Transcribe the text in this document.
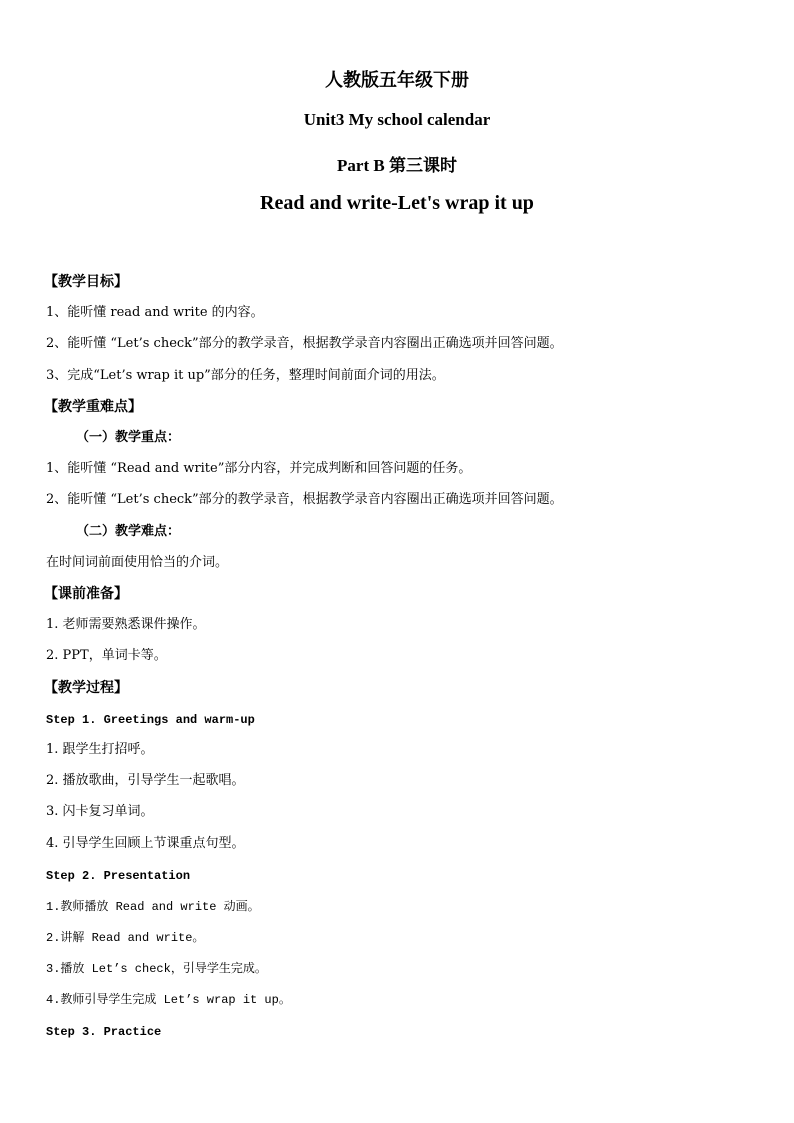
人教版五年级下册
Unit3 My school calendar
Part B 第三课时
Read and write-Let's wrap it up
【教学目标】
1、能听懂 read and write 的内容。
2、能听懂 “Let’s check”部分的教学录音，根据教学录音内容圈出正确选项并回答问题。
3、完成“Let’s wrap it up”部分的任务，整理时间前面介词的用法。
【教学重难点】
（一）教学重点：
1、能听懂 “Read and write”部分内容，并完成判断和回答问题的任务。
2、能听懂 “Let’s check”部分的教学录音，根据教学录音内容圈出正确选项并回答问题。
（二）教学难点：
在时间词前面使用恰当的介词。
【课前准备】
1. 老师需要熟悉课件操作。
2. PPT，单词卡等。
【教学过程】
Step 1. Greetings and warm-up
1. 跟学生打招呼。
2. 播放歌曲，引导学生一起歌唱。
3. 闪卡复习单词。
4. 引导学生回顾上节课重点句型。
Step 2. Presentation
1.教师播放 Read and write 动画。
2.讲解 Read and write。
3.播放 Let’s check，引导学生完成。
4.教师引导学生完成 Let’s wrap it up。
Step 3. Practice
